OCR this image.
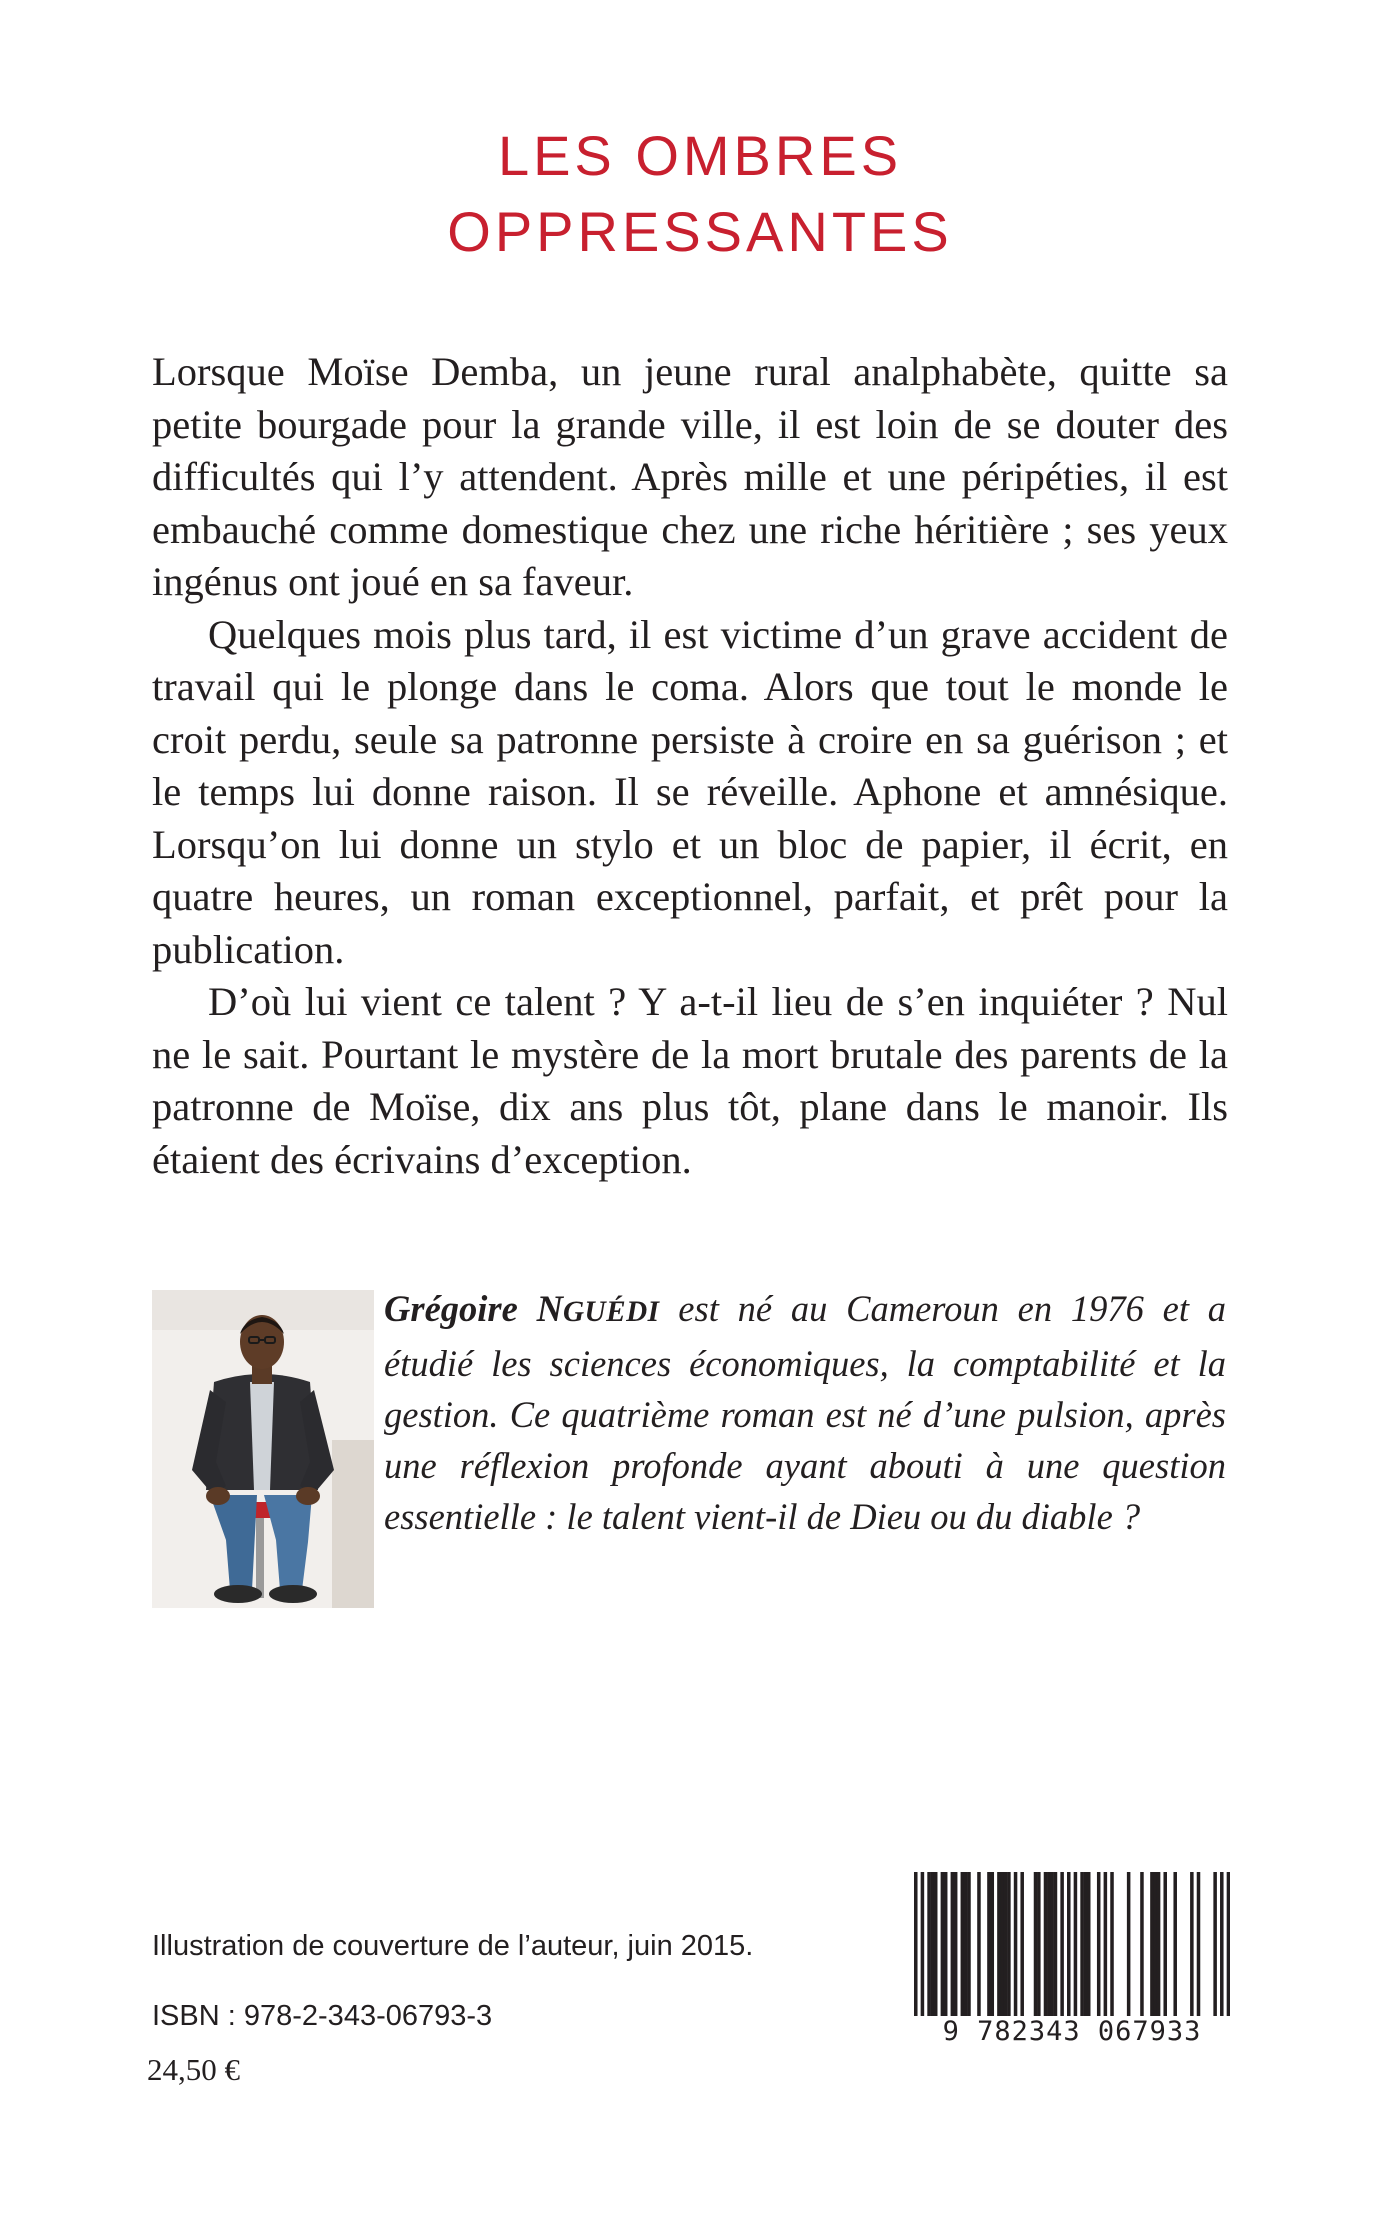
LES OMBRES
OPPRESSANTES

Lorsque Moïse Demba, un jeune rural analphabète, quitte sa petite bourgade pour la grande ville, il est loin de se douter des difficultés qui l’y attendent. Après mille et une péripéties, il est embauché comme domestique chez une riche héritière ; ses yeux ingénus ont joué en sa faveur.

Quelques mois plus tard, il est victime d’un grave accident de travail qui le plonge dans le coma. Alors que tout le monde le croit perdu, seule sa patronne persiste à croire en sa guérison ; et le temps lui donne raison. Il se réveille. Aphone et amnésique. Lorsqu’on lui donne un stylo et un bloc de papier, il écrit, en quatre heures, un roman exceptionnel, parfait, et prêt pour la publication.

D’où lui vient ce talent ? Y a-t-il lieu de s’en inquiéter ? Nul ne le sait. Pourtant le mystère de la mort brutale des parents de la patronne de Moïse, dix ans plus tôt, plane dans le manoir. Ils étaient des écrivains d’exception.

Grégoire NGUÉDI est né au Cameroun en 1976 et a étudié les sciences économiques, la comptabilité et la gestion. Ce quatrième roman est né d’une pulsion, après une réflexion profonde ayant abouti à une question essentielle : le talent vient-il de Dieu ou du diable ?

Illustration de couverture de l’auteur, juin 2015.

ISBN : 978-2-343-06793-3

24,50 €

9 782343 067933
